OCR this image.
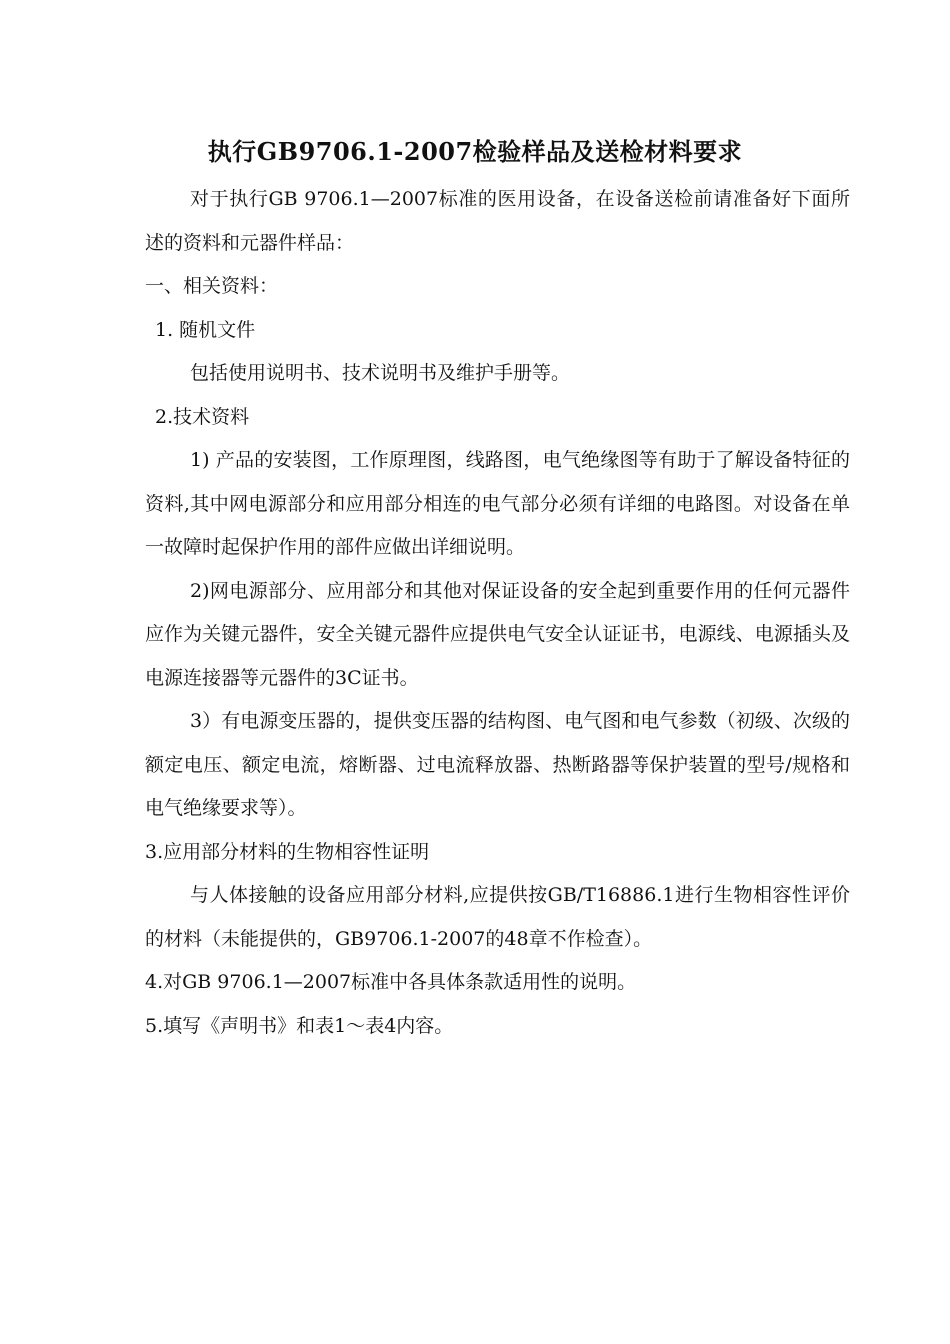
执行GB9706.1-2007检验样品及送检材料要求

对于执行GB 9706.1—2007标准的医用设备，在设备送检前请准备好下面所述的资料和元器件样品：

一、相关资料：

1. 随机文件

包括使用说明书、技术说明书及维护手册等。

2.技术资料

1) 产品的安装图，工作原理图，线路图，电气绝缘图等有助于了解设备特征的资料,其中网电源部分和应用部分相连的电气部分必须有详细的电路图。对设备在单一故障时起保护作用的部件应做出详细说明。

2)网电源部分、应用部分和其他对保证设备的安全起到重要作用的任何元器件应作为关键元器件，安全关键元器件应提供电气安全认证证书，电源线、电源插头及电源连接器等元器件的3C证书。

3）有电源变压器的，提供变压器的结构图、电气图和电气参数（初级、次级的额定电压、额定电流，熔断器、过电流释放器、热断路器等保护装置的型号/规格和电气绝缘要求等）。

3.应用部分材料的生物相容性证明

与人体接触的设备应用部分材料,应提供按GB/T16886.1进行生物相容性评价的材料（未能提供的，GB9706.1-2007的48章不作检查）。

4.对GB 9706.1—2007标准中各具体条款适用性的说明。

5.填写《声明书》和表1～表4内容。
